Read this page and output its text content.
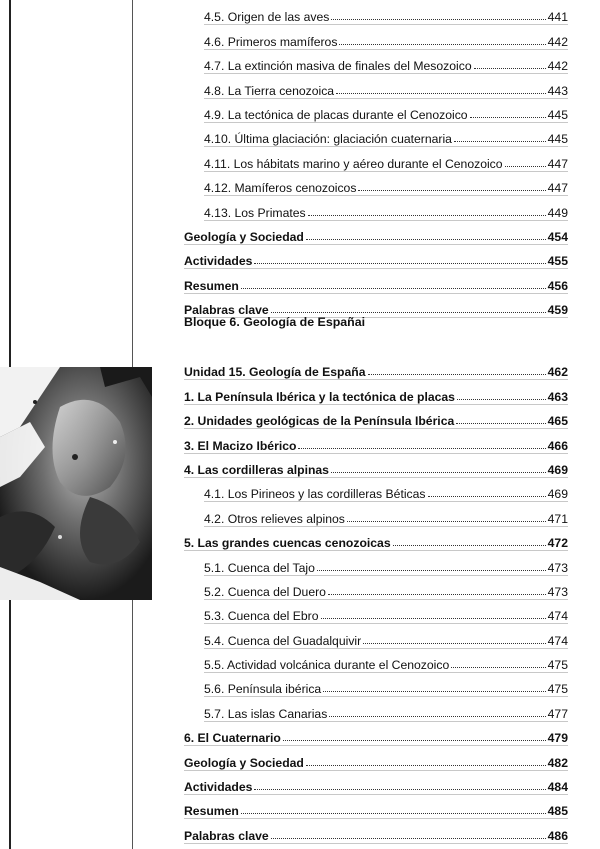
4.5. Origen de las aves	441
4.6. Primeros mamíferos	442
4.7. La extinción masiva de finales del Mesozoico	442
4.8. La Tierra cenozoica	443
4.9. La tectónica de placas durante el Cenozoico	445
4.10. Última glaciación: glaciación cuaternaria	445
4.11. Los hábitats marino y aéreo durante el Cenozoico	447
4.12. Mamíferos cenozoicos	447
4.13. Los Primates	449
Geología y Sociedad	454
Actividades	455
Resumen	456
Palabras clave	459
Bloque 6. Geología de Españai
Unidad 15. Geología de España	462
1. La Península Ibérica y la tectónica de placas	463
2. Unidades geológicas de la Península Ibérica	465
3. El Macizo Ibérico	466
4. Las cordilleras alpinas	469
4.1. Los Pirineos y las cordilleras Béticas	469
4.2. Otros relieves alpinos	471
5. Las grandes cuencas cenozoicas	472
5.1. Cuenca del Tajo	473
5.2. Cuenca del Duero	473
5.3. Cuenca del Ebro	474
5.4. Cuenca del Guadalquivir	474
5.5. Actividad volcánica durante el Cenozoico	475
5.6. Península ibérica	475
5.7. Las islas Canarias	477
6. El Cuaternario	479
Geología y Sociedad	482
Actividades	484
Resumen	485
Palabras clave	486
